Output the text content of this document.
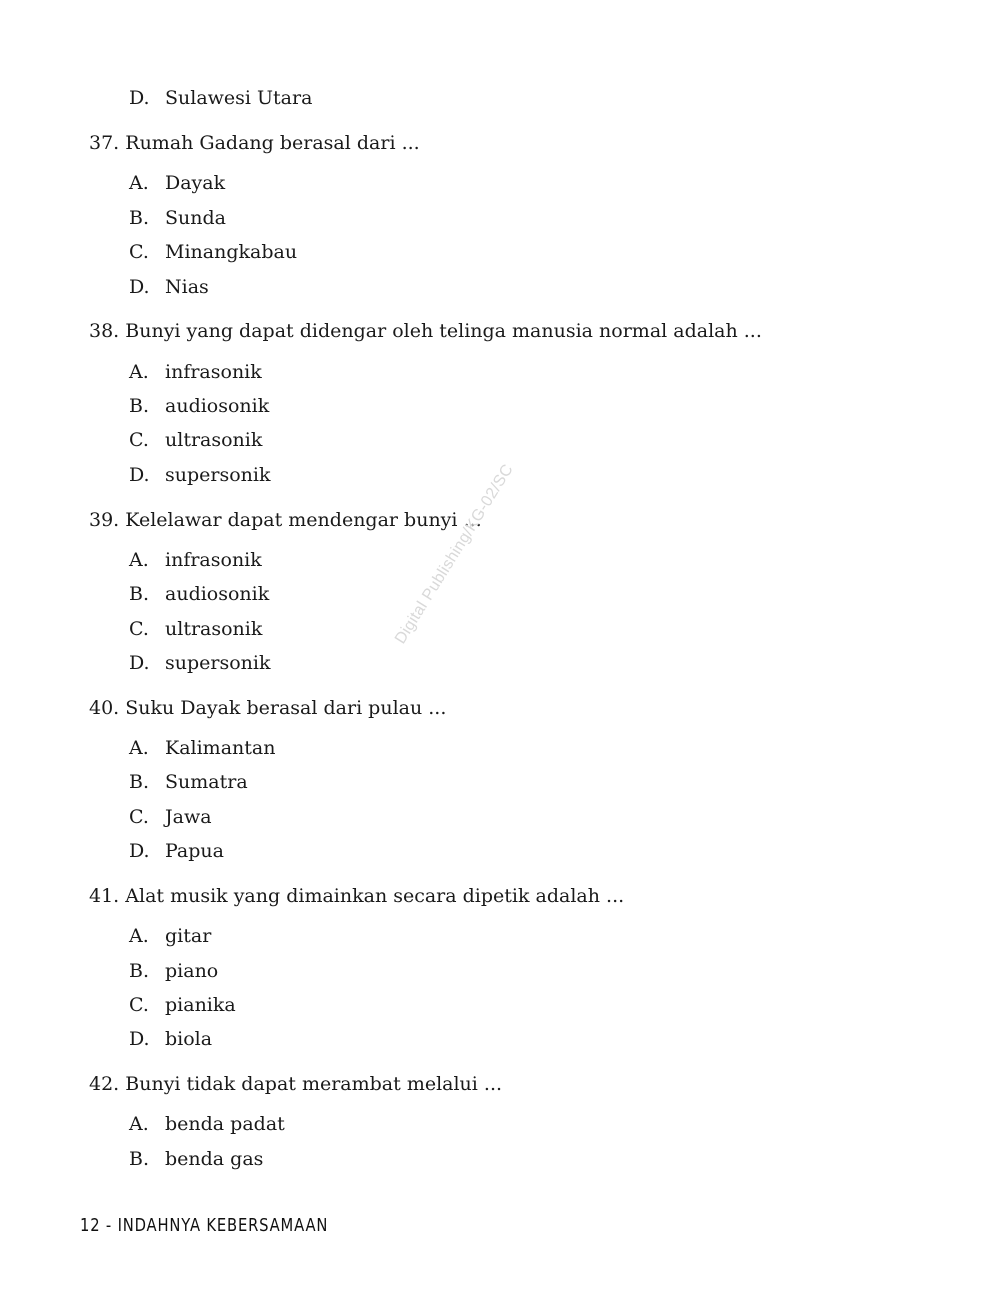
D. Sulawesi Utara
37. Rumah Gadang berasal dari ...
A. Dayak
B. Sunda
C. Minangkabau
D. Nias
38. Bunyi yang dapat didengar oleh telinga manusia normal adalah ...
A. infrasonik
B. audiosonik
C. ultrasonik
D. supersonik
39. Kelelawar dapat mendengar bunyi ...
A. infrasonik
B. audiosonik
C. ultrasonik
D. supersonik
40. Suku Dayak berasal dari pulau ...
A. Kalimantan
B. Sumatra
C. Jawa
D. Papua
41. Alat musik yang dimainkan secara dipetik adalah ...
A. gitar
B. piano
C. pianika
D. biola
42. Bunyi tidak dapat merambat melalui ...
A. benda padat
B. benda gas
Digital Publishing/KG-02/SC
12 - INDAHNYA KEBERSAMAAN
